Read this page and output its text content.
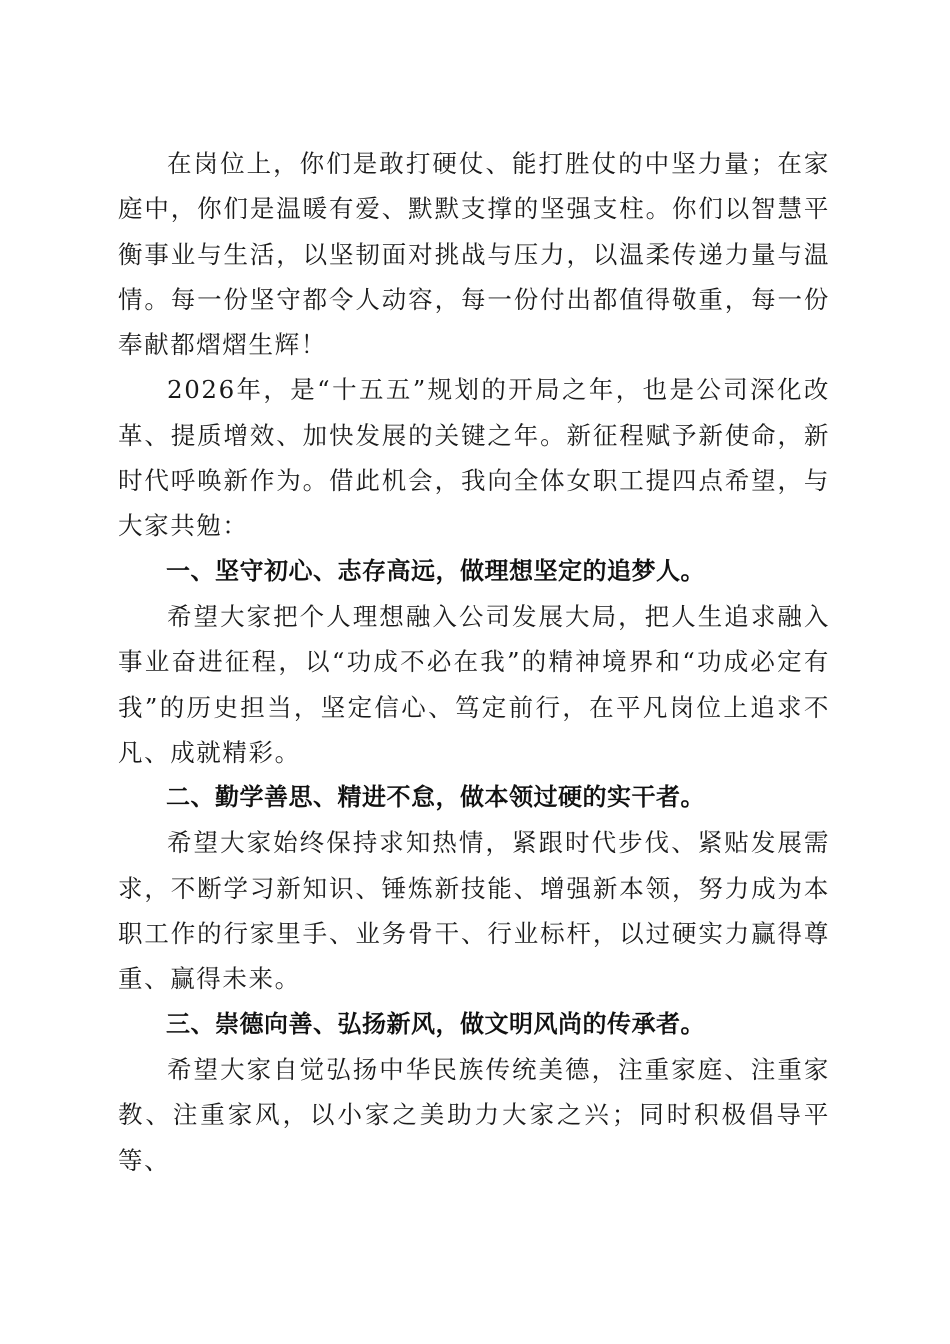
在岗位上，你们是敢打硬仗、能打胜仗的中坚力量；在家庭中，你们是温暖有爱、默默支撑的坚强支柱。你们以智慧平衡事业与生活，以坚韧面对挑战与压力，以温柔传递力量与温情。每一份坚守都令人动容，每一份付出都值得敬重，每一份奉献都熠熠生辉！

2026年，是“十五五”规划的开局之年，也是公司深化改革、提质增效、加快发展的关键之年。新征程赋予新使命，新时代呼唤新作为。借此机会，我向全体女职工提四点希望，与大家共勉：

一、坚守初心、志存高远，做理想坚定的追梦人。

希望大家把个人理想融入公司发展大局，把人生追求融入事业奋进征程，以“功成不必在我”的精神境界和“功成必定有我”的历史担当，坚定信心、笃定前行，在平凡岗位上追求不凡、成就精彩。

二、勤学善思、精进不怠，做本领过硬的实干者。

希望大家始终保持求知热情，紧跟时代步伐、紧贴发展需求，不断学习新知识、锤炼新技能、增强新本领，努力成为本职工作的行家里手、业务骨干、行业标杆，以过硬实力赢得尊重、赢得未来。

三、崇德向善、弘扬新风，做文明风尚的传承者。

希望大家自觉弘扬中华民族传统美德，注重家庭、注重家教、注重家风，以小家之美助力大家之兴；同时积极倡导平等、
